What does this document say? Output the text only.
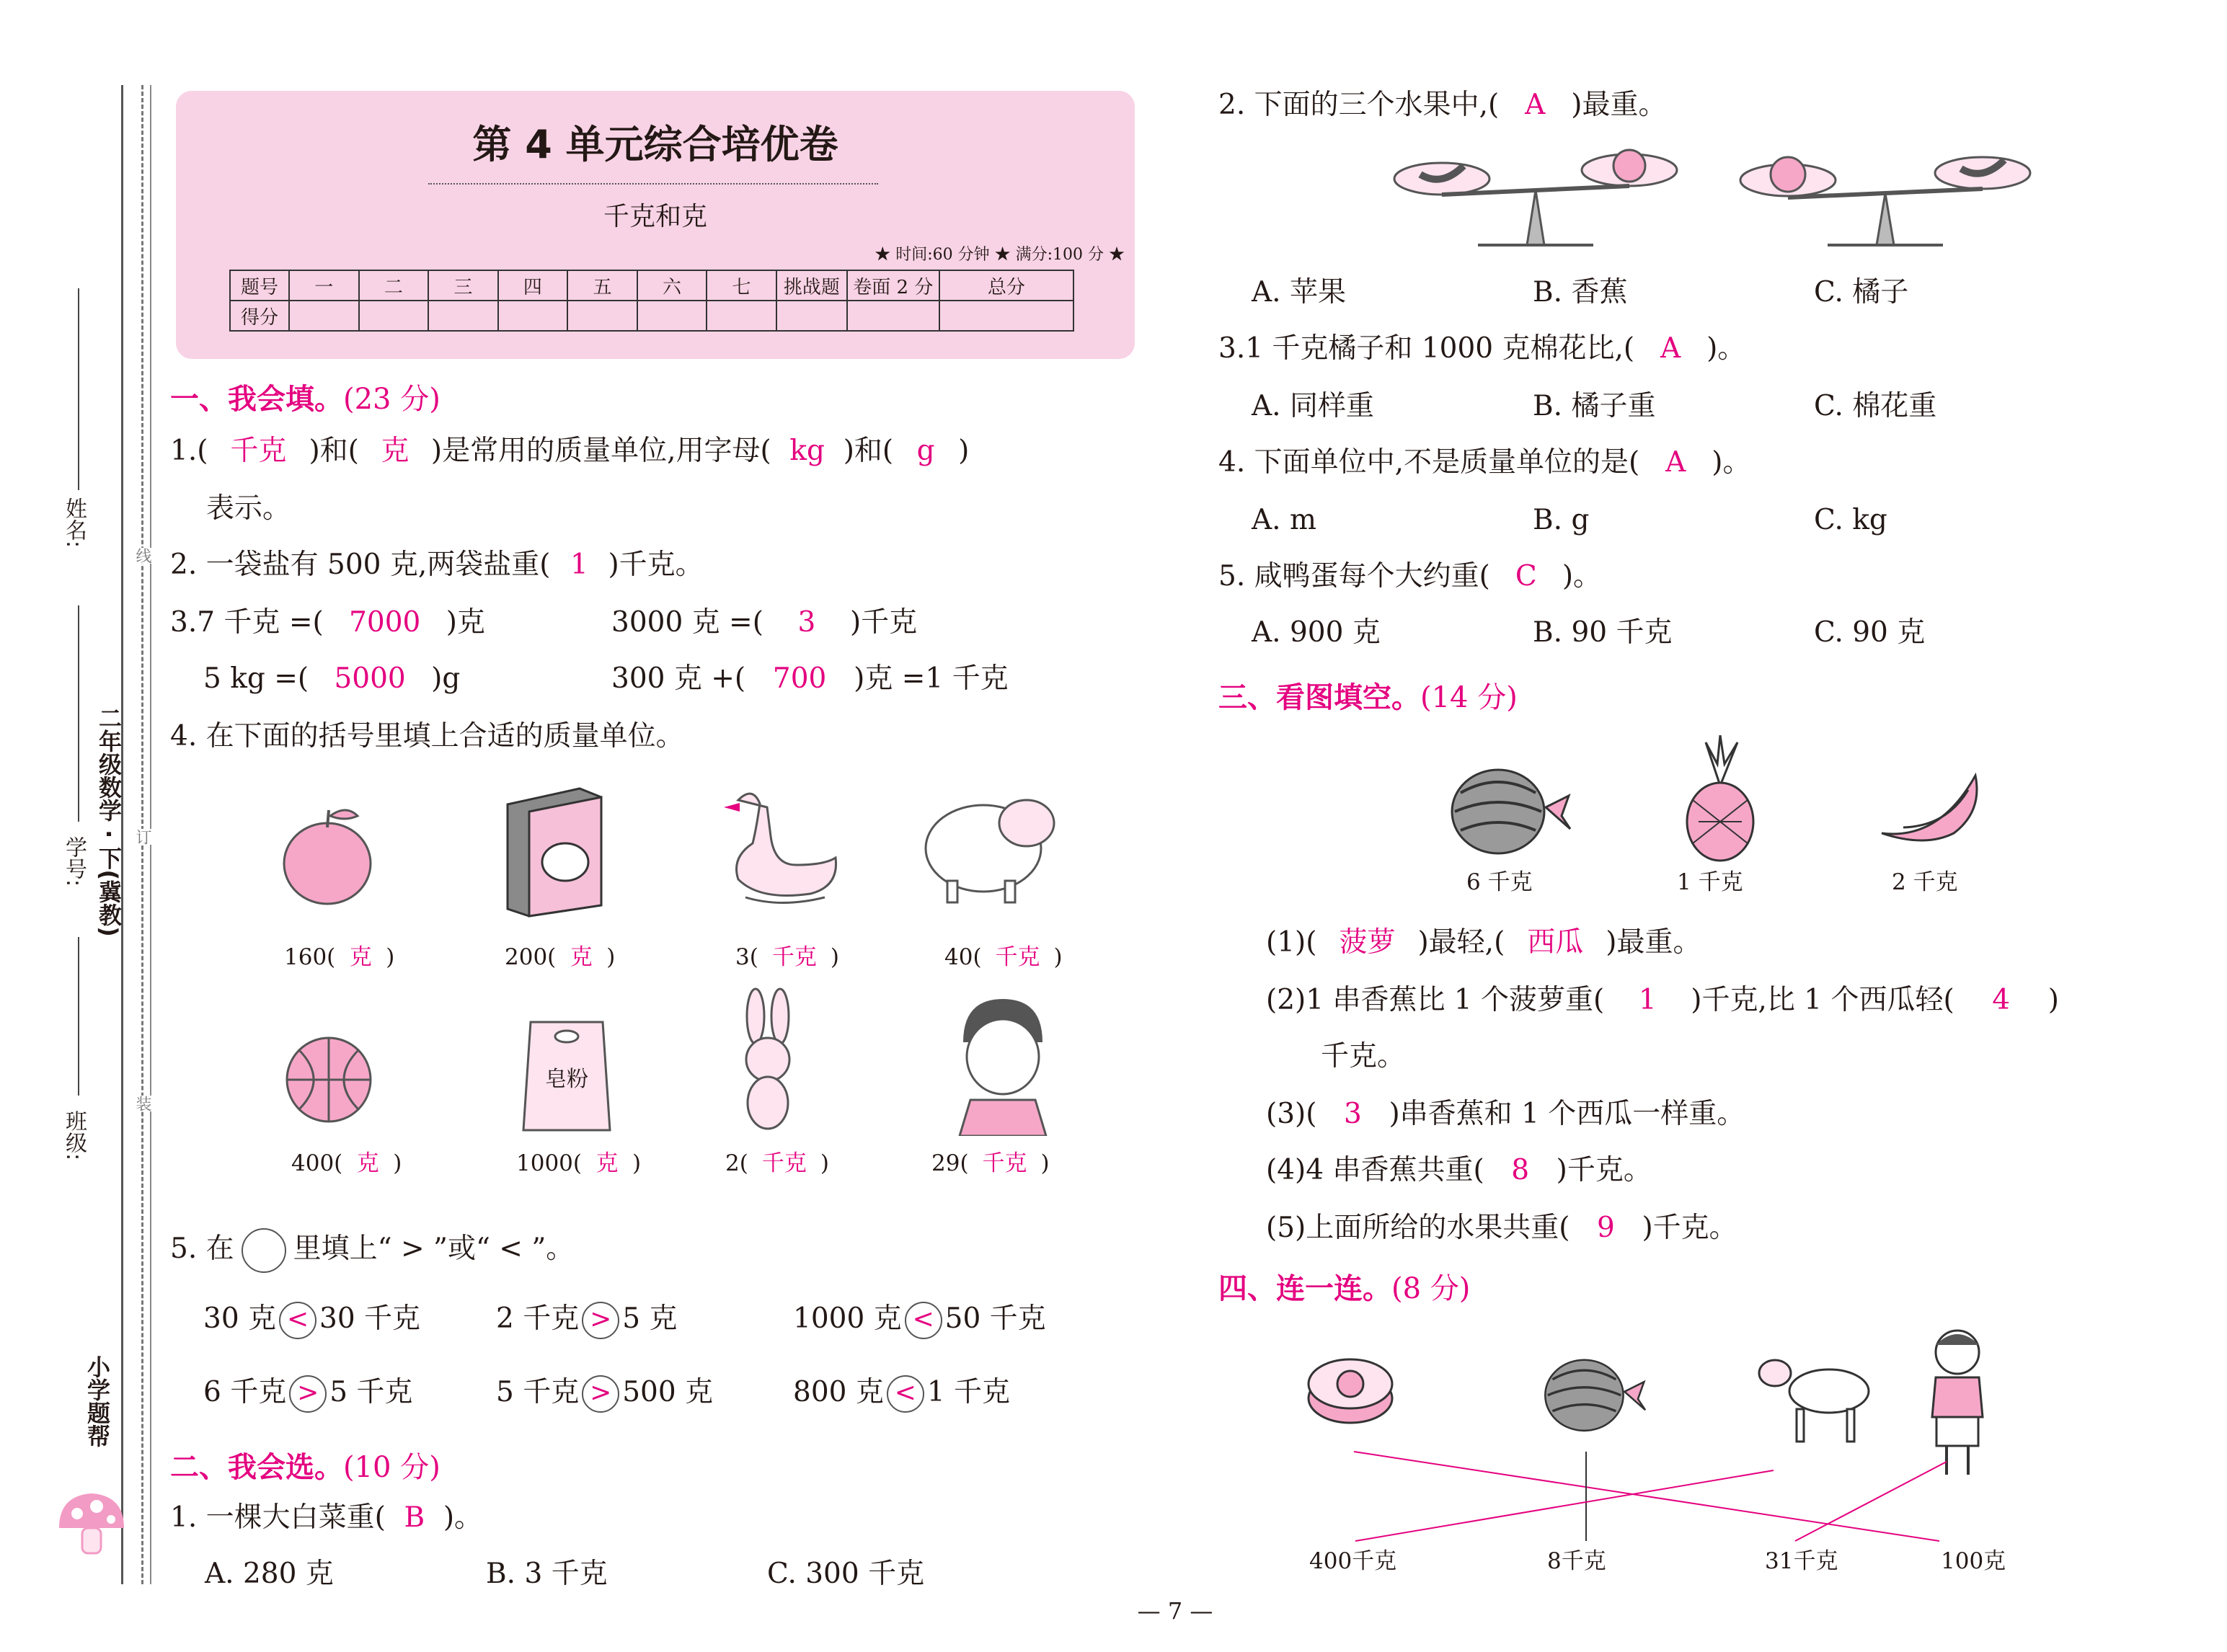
姓名:
学号:
班级:
二年级数学 · 下(冀教)
小学题帮
线
订
装
第 4 单元综合培优卷
千克和克
★ 时间:60 分钟 ★ 满分:100 分 ★
题号	一	二	三	四	五	六	七	挑战题	卷面 2 分	总分
得分										
一、我会填。(23 分)
1.( 千克 )和( 克 )是常用的质量单位,用字母( kg )和( g )
表示。
2. 一袋盐有 500 克,两袋盐重( 1 )千克。
3.7 千克 =( 7000 )克	3000 克 =( 3 )千克
5 kg =( 5000 )g	300 克 +( 700 )克 =1 千克
4. 在下面的括号里填上合适的质量单位。
160( 克 )	200( 克 )	3( 千克 )	40( 千克 )
皂粉
400( 克 )	1000( 克 )	2( 千克 )	29( 千克 )
5. 在 里填上“ > ”或“ < ”。
30 克 < 30 千克	2 千克 > 5 克	1000 克 < 50 千克
6 千克 > 5 千克	5 千克 > 500 克	800 克 < 1 千克
二、我会选。(10 分)
1. 一棵大白菜重( B )。
A. 280 克	B. 3 千克	C. 300 千克
2. 下面的三个水果中,( A )最重。
A. 苹果	B. 香蕉	C. 橘子
3.1 千克橘子和 1000 克棉花比,( A )。
A. 同样重	B. 橘子重	C. 棉花重
4. 下面单位中,不是质量单位的是( A )。
A. m	B. g	C. kg
5. 咸鸭蛋每个大约重( C )。
A. 900 克	B. 90 千克	C. 90 克
三、看图填空。(14 分)
6 千克	1 千克	2 千克
(1)( 菠萝 )最轻,( 西瓜 )最重。
(2)1 串香蕉比 1 个菠萝重( 1 )千克,比 1 个西瓜轻( 4 )
千克。
(3)( 3 )串香蕉和 1 个西瓜一样重。
(4)4 串香蕉共重( 8 )千克。
(5)上面所给的水果共重( 9 )千克。
四、连一连。(8 分)
400千克	8千克	31千克	100克
— 7 —
